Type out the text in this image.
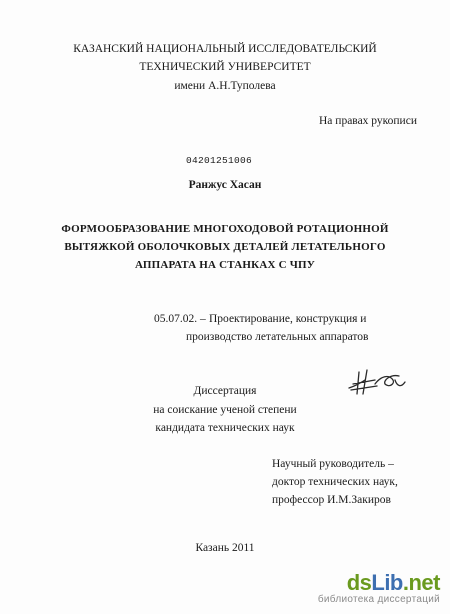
КАЗАНСКИЙ НАЦИОНАЛЬНЫЙ ИССЛЕДОВАТЕЛЬСКИЙ
ТЕХНИЧЕСКИЙ УНИВЕРСИТЕТ
имени А.Н.Туполева
На правах рукописи
04201251006
Ранжус Хасан
ФОРМООБРАЗОВАНИЕ МНОГОХОДОВОЙ РОТАЦИОННОЙ
ВЫТЯЖКОЙ ОБОЛОЧКОВЫХ ДЕТАЛЕЙ ЛЕТАТЕЛЬНОГО
АППАРАТА НА СТАНКАХ С ЧПУ
05.07.02. – Проектирование, конструкция и
производство летательных аппаратов
Диссертация
на соискание ученой степени
кандидата технических наук
Научный руководитель –
доктор технических наук,
профессор И.М.Закиров
Казань 2011
dsLib.net
библиотека диссертаций
